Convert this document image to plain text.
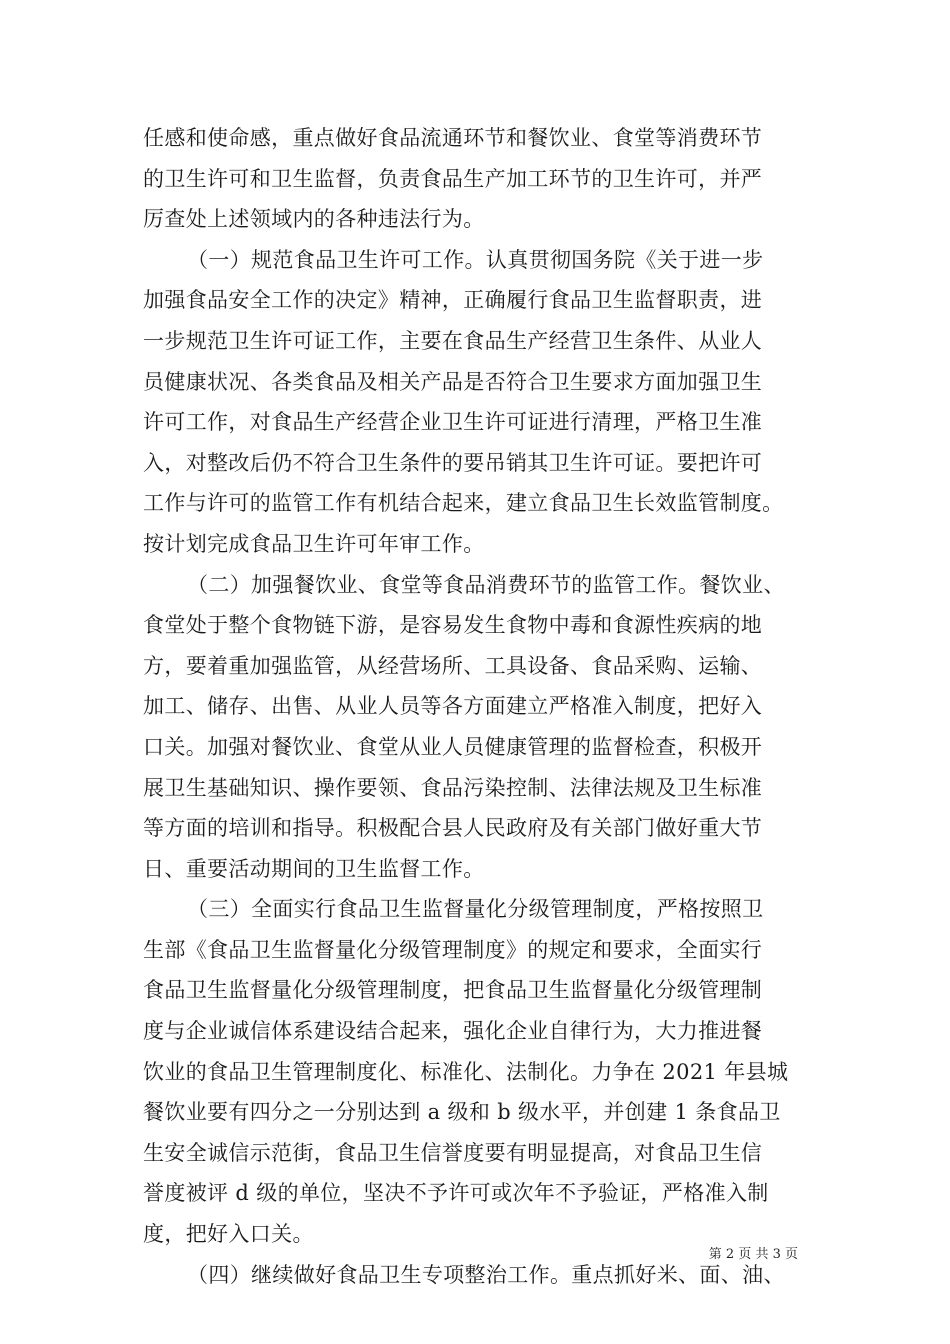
任感和使命感，重点做好食品流通环节和餐饮业、食堂等消费环节
的卫生许可和卫生监督，负责食品生产加工环节的卫生许可，并严
厉查处上述领域内的各种违法行为。
（一）规范食品卫生许可工作。认真贯彻国务院《关于进一步
加强食品安全工作的决定》精神，正确履行食品卫生监督职责，进
一步规范卫生许可证工作，主要在食品生产经营卫生条件、从业人
员健康状况、各类食品及相关产品是否符合卫生要求方面加强卫生
许可工作，对食品生产经营企业卫生许可证进行清理，严格卫生准
入，对整改后仍不符合卫生条件的要吊销其卫生许可证。要把许可
工作与许可的监管工作有机结合起来，建立食品卫生长效监管制度。
按计划完成食品卫生许可年审工作。
（二）加强餐饮业、食堂等食品消费环节的监管工作。餐饮业、
食堂处于整个食物链下游，是容易发生食物中毒和食源性疾病的地
方，要着重加强监管，从经营场所、工具设备、食品采购、运输、
加工、储存、出售、从业人员等各方面建立严格准入制度，把好入
口关。加强对餐饮业、食堂从业人员健康管理的监督检查，积极开
展卫生基础知识、操作要领、食品污染控制、法律法规及卫生标准
等方面的培训和指导。积极配合县人民政府及有关部门做好重大节
日、重要活动期间的卫生监督工作。
（三）全面实行食品卫生监督量化分级管理制度，严格按照卫
生部《食品卫生监督量化分级管理制度》的规定和要求，全面实行
食品卫生监督量化分级管理制度，把食品卫生监督量化分级管理制
度与企业诚信体系建设结合起来，强化企业自律行为，大力推进餐
饮业的食品卫生管理制度化、标准化、法制化。力争在 2021 年县城
餐饮业要有四分之一分别达到 a 级和 b 级水平，并创建 1 条食品卫
生安全诚信示范街，食品卫生信誉度要有明显提高，对食品卫生信
誉度被评 d 级的单位，坚决不予许可或次年不予验证，严格准入制
度，把好入口关。
（四）继续做好食品卫生专项整治工作。重点抓好米、面、油、
第 2 页 共 3 页
